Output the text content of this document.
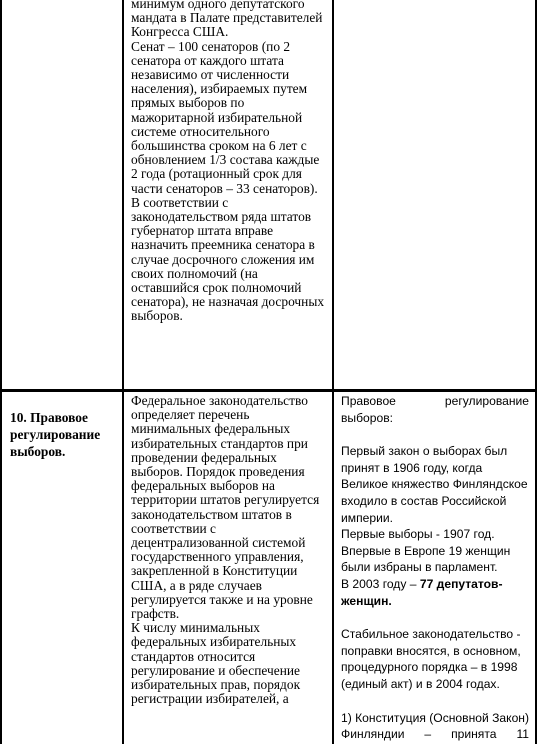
минимум одного депутатского мандата в Палате представителей Конгресса США.

Сенат – 100 сенаторов (по 2 сенатора от каждого штата независимо от численности населения), избираемых путем прямых выборов по мажоритарной избирательной системе относительного большинства сроком на 6 лет с обновлением 1/3 состава каждые 2 года (ротационный срок для части сенаторов – 33 сенаторов).

В соответствии с законодательством ряда штатов губернатор штата вправе назначить преемника сенатора в случае досрочного сложения им своих полномочий (на оставшийся срок полномочий сенатора), не назначая досрочных выборов.

10. Правовое регулирование выборов.

Федеральное законодательство определяет перечень минимальных федеральных избирательных стандартов при проведении федеральных выборов. Порядок проведения федеральных выборов на территории штатов регулируется законодательством штатов в соответствии с децентрализованной системой государственного управления, закрепленной в Конституции США, а в ряде случаев регулируется также и на уровне графств.

К числу минимальных федеральных избирательных стандартов относится регулирование и обеспечение избирательных прав, порядок регистрации избирателей, а

Правовое регулирование выборов:

Первый закон о выборах был принят в 1906 году, когда Великое княжество Финляндское входило в состав Российской империи.

Первые выборы - 1907 год.

Впервые в Европе 19 женщин были избраны в парламент.

В 2003 году – 77 депутатов-женщин.

Стабильное законодательство - поправки вносятся, в основном, процедурного порядка – в 1998 (единый акт) и в 2004 годах.

1) Конституция (Основной Закон) Финляндии – принята 11
